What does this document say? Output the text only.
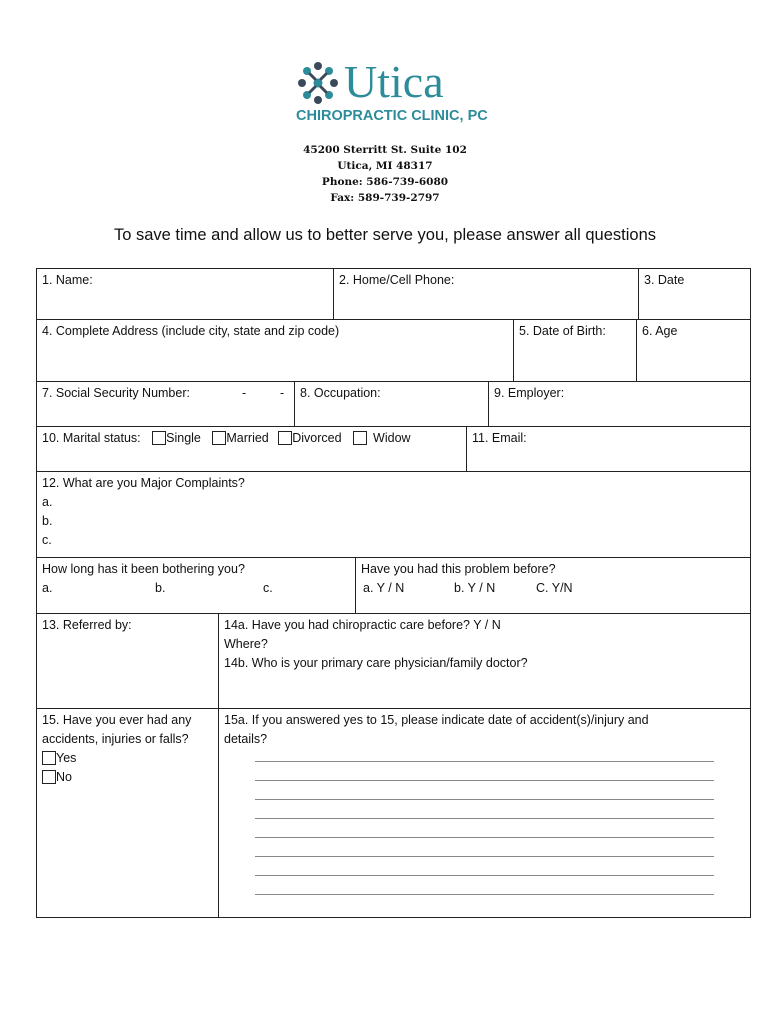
Utica
CHIROPRACTIC CLINIC, PC
45200 Sterritt St. Suite 102
Utica, MI 48317
Phone: 586-739-6080
Fax: 589-739-2797
To save time and allow us to better serve you, please answer all questions
1. Name:	2. Home/Cell Phone:	3. Date
4. Complete Address (include city, state and zip code)	5. Date of Birth:	6. Age
7. Social Security Number:	-	-	8. Occupation:	9. Employer:
10. Marital status: Single Married Divorced	Widow	11. Email:
12. What are you Major Complaints?
a.
b.
c.
How long has it been bothering you?
a.	b.	c.
Have you had this problem before?
a. Y / N	b. Y / N	C. Y/N
13. Referred by:	14a. Have you had chiropractic care before? Y / N
Where?
14b. Who is your primary care physician/family doctor?
15. Have you ever had any
accidents, injuries or falls?
Yes
No
15a. If you answered yes to 15, please indicate date of accident(s)/injury and
details?
